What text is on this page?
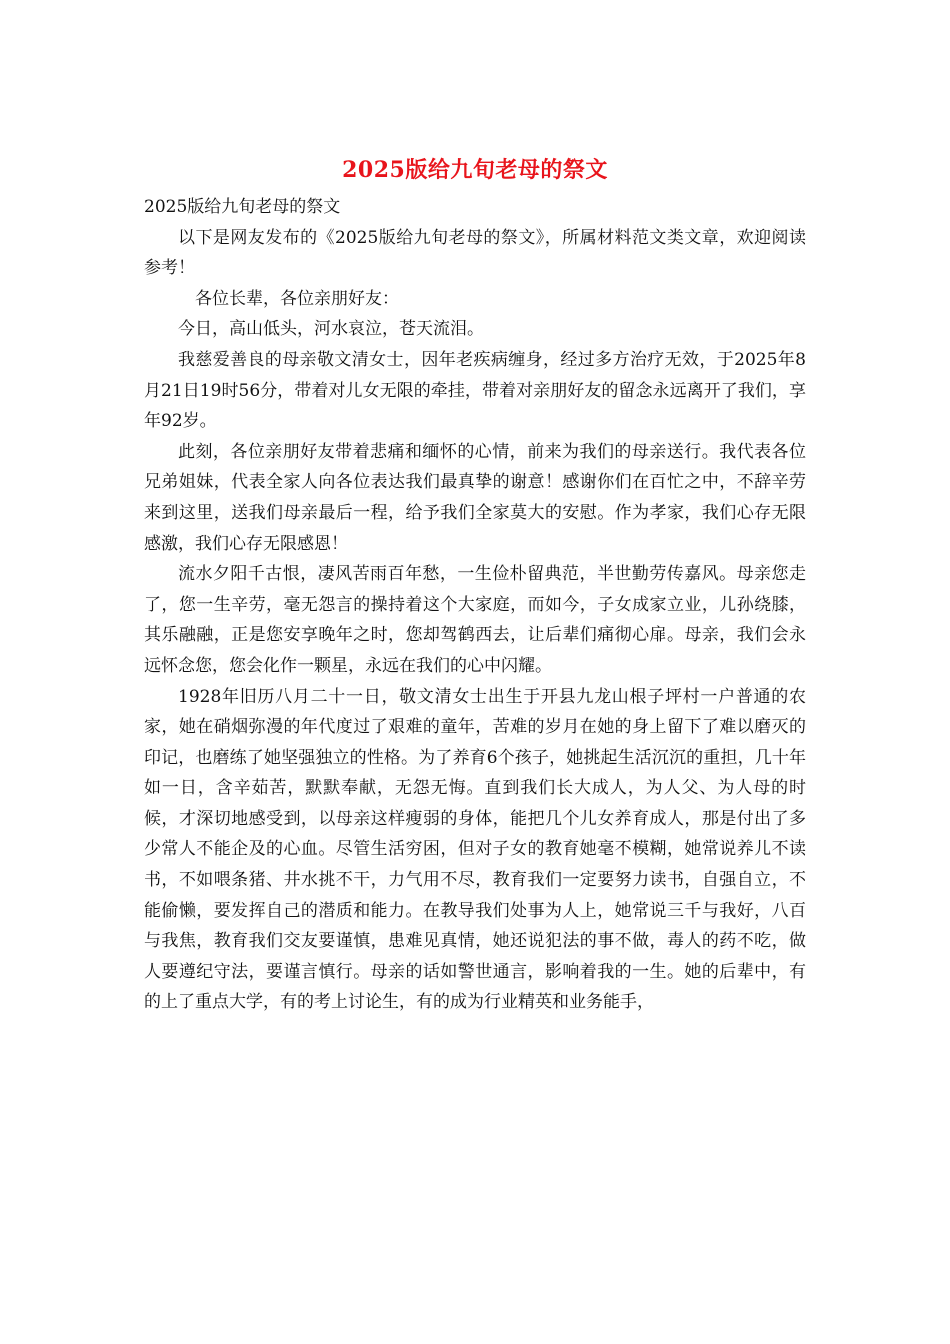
2025版给九旬老母的祭文

2025版给九旬老母的祭文

以下是网友发布的《2025版给九旬老母的祭文》，所属材料范文类文章，欢迎阅读参考！

各位长辈，各位亲朋好友：

今日，高山低头，河水哀泣，苍天流泪。

我慈爱善良的母亲敬文清女士，因年老疾病缠身，经过多方治疗无效，于2025年8月21日19时56分，带着对儿女无限的牵挂，带着对亲朋好友的留念永远离开了我们，享年92岁。

此刻，各位亲朋好友带着悲痛和缅怀的心情，前来为我们的母亲送行。我代表各位兄弟姐妹，代表全家人向各位表达我们最真挚的谢意！感谢你们在百忙之中，不辞辛劳来到这里，送我们母亲最后一程，给予我们全家莫大的安慰。作为孝家，我们心存无限感激，我们心存无限感恩！

流水夕阳千古恨，凄风苦雨百年愁，一生俭朴留典范，半世勤劳传嘉风。母亲您走了，您一生辛劳，毫无怨言的操持着这个大家庭，而如今，子女成家立业，儿孙绕膝，其乐融融，正是您安享晚年之时，您却驾鹤西去，让后辈们痛彻心扉。母亲，我们会永远怀念您，您会化作一颗星，永远在我们的心中闪耀。

1928年旧历八月二十一日，敬文清女士出生于开县九龙山根子坪村一户普通的农家，她在硝烟弥漫的年代度过了艰难的童年，苦难的岁月在她的身上留下了难以磨灭的印记，也磨练了她坚强独立的性格。为了养育6个孩子，她挑起生活沉沉的重担，几十年如一日，含辛茹苦，默默奉献，无怨无悔。直到我们长大成人，为人父、为人母的时候，才深切地感受到，以母亲这样瘦弱的身体，能把几个儿女养育成人，那是付出了多少常人不能企及的心血。尽管生活穷困，但对子女的教育她毫不模糊，她常说养儿不读书，不如喂条猪、井水挑不干，力气用不尽，教育我们一定要努力读书，自强自立，不能偷懒，要发挥自己的潜质和能力。在教导我们处事为人上，她常说三千与我好，八百与我焦，教育我们交友要谨慎，患难见真情，她还说犯法的事不做，毒人的药不吃，做人要遵纪守法，要谨言慎行。母亲的话如警世通言，影响着我的一生。她的后辈中，有的上了重点大学，有的考上讨论生，有的成为行业精英和业务能手，
